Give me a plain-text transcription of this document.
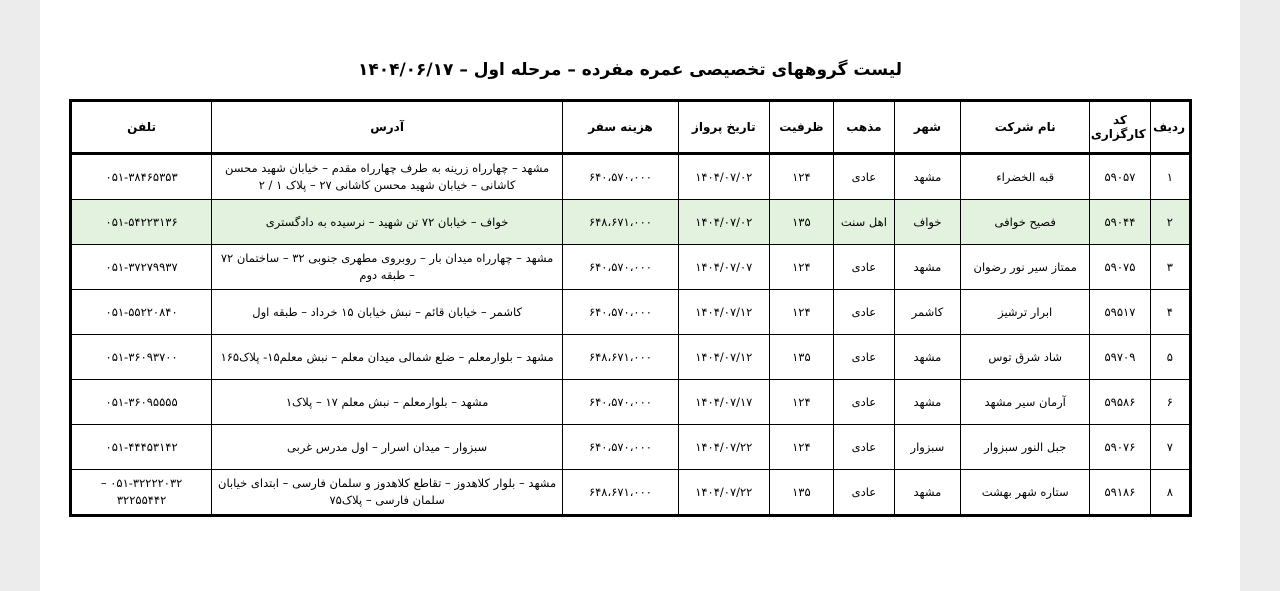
لیست گروههای تخصیصی عمره مفرده – مرحله اول – ۱۴۰۴/۰۶/۱۷
ردیف	کد کارگزاری	نام شرکت	شهر	مذهب	ظرفیت	تاریخ پرواز	هزینه سفر	آدرس	تلفن
۱	۵۹۰۵۷	قبه الخضراء	مشهد	عادی	۱۲۴	۱۴۰۴/۰۷/۰۲	۶۴۰،۵۷۰،۰۰۰	مشهد – چهارراه زرینه به طرف چهارراه مقدم – خیابان شهید محسن کاشانی – خیابان شهید محسن کاشانی ۲۷ – پلاک ۱ / ۲	۰۵۱-۳۸۴۶۵۳۵۳
۲	۵۹۰۴۴	فصیح خوافی	خواف	اهل سنت	۱۳۵	۱۴۰۴/۰۷/۰۲	۶۴۸،۶۷۱،۰۰۰	خواف – خیابان ۷۲ تن شهید – نرسیده به دادگستری	۰۵۱-۵۴۲۲۳۱۳۶
۳	۵۹۰۷۵	ممتاز سیر نور رضوان	مشهد	عادی	۱۲۴	۱۴۰۴/۰۷/۰۷	۶۴۰،۵۷۰،۰۰۰	مشهد – چهارراه میدان بار – روبروی مطهری جنوبی ۳۲ – ساختمان ۷۲ – طبقه دوم	۰۵۱-۳۷۲۷۹۹۳۷
۴	۵۹۵۱۷	ابرار ترشیز	کاشمر	عادی	۱۲۴	۱۴۰۴/۰۷/۱۲	۶۴۰،۵۷۰،۰۰۰	کاشمر – خیابان قائم – نبش خیابان ۱۵ خرداد – طبقه اول	۰۵۱-۵۵۲۲۰۸۴۰
۵	۵۹۷۰۹	شاد شرق توس	مشهد	عادی	۱۳۵	۱۴۰۴/۰۷/۱۲	۶۴۸،۶۷۱،۰۰۰	مشهد – بلوارمعلم – ضلع شمالی میدان معلم – نبش معلم۱۵- پلاک۱۶۵	۰۵۱-۳۶۰۹۳۷۰۰
۶	۵۹۵۸۶	آرمان سیر مشهد	مشهد	عادی	۱۲۴	۱۴۰۴/۰۷/۱۷	۶۴۰،۵۷۰،۰۰۰	مشهد – بلوارمعلم – نبش معلم ۱۷ – پلاک۱	۰۵۱-۳۶۰۹۵۵۵۵
۷	۵۹۰۷۶	جبل النور سبزوار	سبزوار	عادی	۱۲۴	۱۴۰۴/۰۷/۲۲	۶۴۰،۵۷۰،۰۰۰	سبزوار – میدان اسرار – اول مدرس غربی	۰۵۱-۴۴۴۵۳۱۴۲
۸	۵۹۱۸۶	ستاره شهر بهشت	مشهد	عادی	۱۳۵	۱۴۰۴/۰۷/۲۲	۶۴۸،۶۷۱،۰۰۰	مشهد – بلوار کلاهدوز – تقاطع کلاهدوز و سلمان فارسی – ابتدای خیابان سلمان فارسی – پلاک۷۵	۰۵۱-۳۲۲۲۲۰۳۲ – ۳۲۲۵۵۴۴۲
